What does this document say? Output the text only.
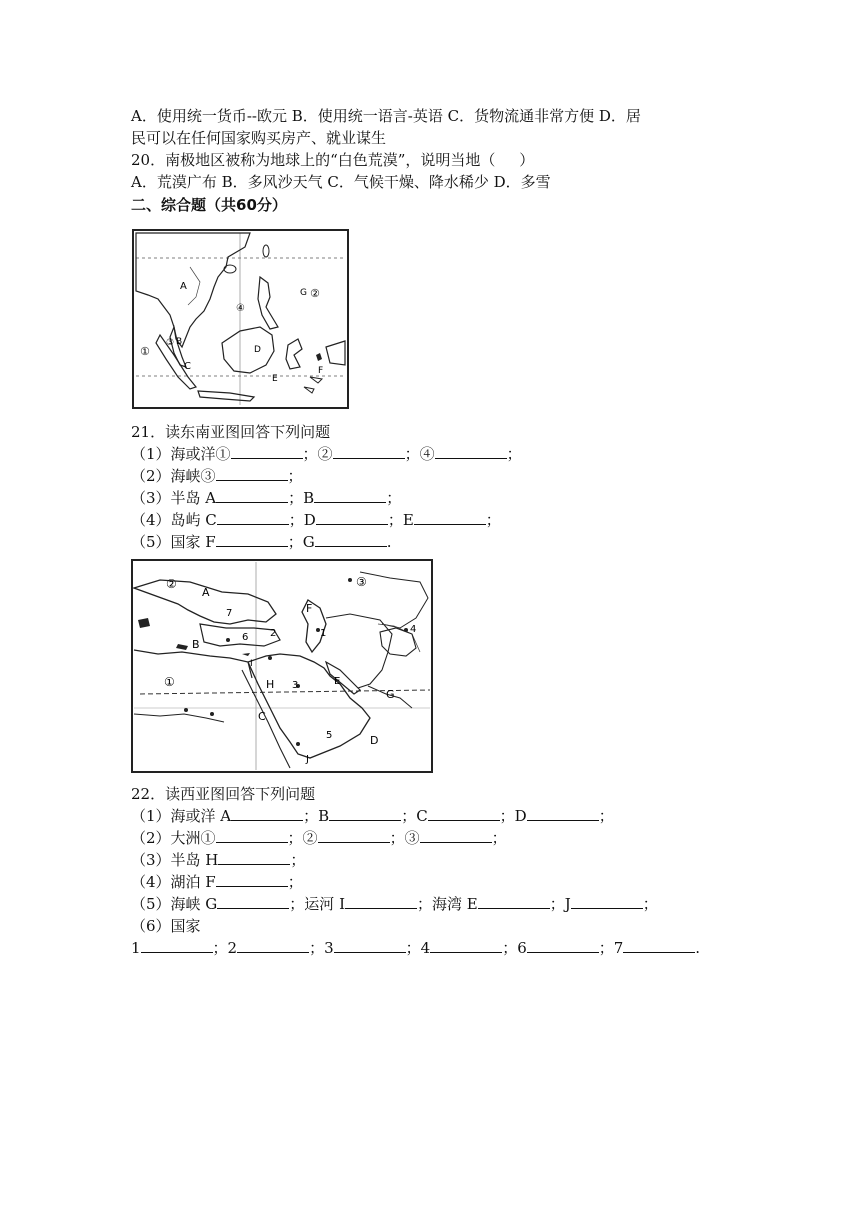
A．使用统一货币--欧元 B．使用统一语言-英语 C．货物流通非常方便 D．居
民可以在任何国家购买房产、就业谋生
20．南极地区被称为地球上的“白色荒漠”，说明当地（     ）
A．荒漠广布 B．多风沙天气 C．气候干燥、降水稀少 D．多雪
二、综合题（共60分）
A
B
C
D
E
F
G
①
②
③
④
21．读东南亚图回答下列问题
（1）海或洋①	；②	；④	；
（2）海峡③	；
（3）半岛 A	；B	；
（4）岛屿 C	；D	；E	；
（5）国家 F	；G	.
A
B
C
D
E
F
G
H
I
J
1
2
3
4
5
6
7
①
②	③
22．读西亚图回答下列问题
（1）海或洋 A	；B	；C	；D	；
（2）大洲①	；②	；③	；
（3）半岛 H	；
（4）湖泊 F	；
（5）海峡 G	；运河 I	；海湾 E	；J	；
（6）国家
1	；2	；3	；4	；6	；7	.
